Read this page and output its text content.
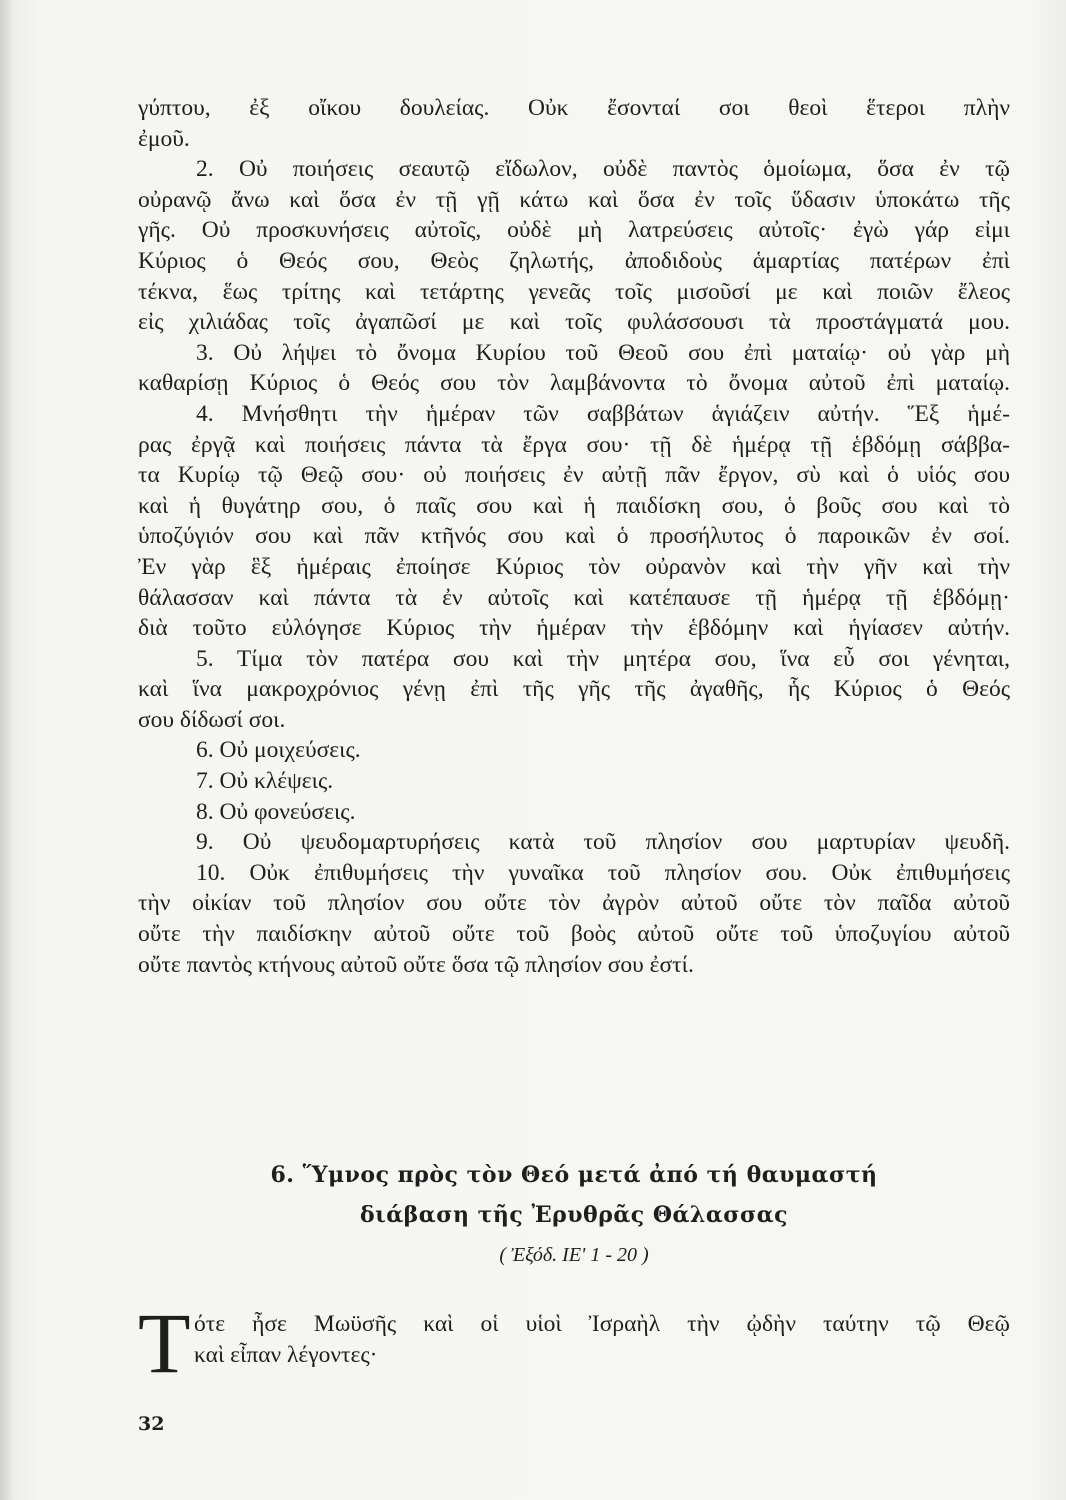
γύπτου, ἐξ οἴκου δουλείας. Οὐκ ἔσονταί σοι θεοὶ ἕτεροι πλὴν
ἐμοῦ.
2. Οὐ ποιήσεις σεαυτῷ εἴδωλον, οὐδὲ παντὸς ὁμοίωμα, ὅσα ἐν τῷ
οὐρανῷ ἄνω καὶ ὅσα ἐν τῇ γῇ κάτω καὶ ὅσα ἐν τοῖς ὕδασιν ὑποκάτω τῆς
γῆς. Οὐ προσκυνήσεις αὐτοῖς, οὐδὲ μὴ λατρεύσεις αὐτοῖς· ἐγὼ γάρ εἰμι
Κύριος ὁ Θεός σου, Θεὸς ζηλωτής, ἀποδιδοὺς ἁμαρτίας πατέρων ἐπὶ
τέκνα, ἕως τρίτης καὶ τετάρτης γενεᾶς τοῖς μισοῦσί με καὶ ποιῶν ἔλεος
εἰς χιλιάδας τοῖς ἀγαπῶσί με καὶ τοῖς φυλάσσουσι τὰ προστάγματά μου.
3. Οὐ λήψει τὸ ὄνομα Κυρίου τοῦ Θεοῦ σου ἐπὶ ματαίῳ· οὐ γὰρ μὴ
καθαρίσῃ Κύριος ὁ Θεός σου τὸν λαμβάνοντα τὸ ὄνομα αὐτοῦ ἐπὶ ματαίῳ.
4. Μνήσθητι τὴν ἡμέραν τῶν σαββάτων ἁγιάζειν αὐτήν. Ἕξ ἡμέ-
ρας ἐργᾷ καὶ ποιήσεις πάντα τὰ ἔργα σου· τῇ δὲ ἡμέρᾳ τῇ ἑβδόμῃ σάββα-
τα Κυρίῳ τῷ Θεῷ σου· οὐ ποιήσεις ἐν αὐτῇ πᾶν ἔργον, σὺ καὶ ὁ υἱός σου
καὶ ἡ θυγάτηρ σου, ὁ παῖς σου καὶ ἡ παιδίσκη σου, ὁ βοῦς σου καὶ τὸ
ὑποζύγιόν σου καὶ πᾶν κτῆνός σου καὶ ὁ προσήλυτος ὁ παροικῶν ἐν σοί.
Ἐν γὰρ ἓξ ἡμέραις ἐποίησε Κύριος τὸν οὐρανὸν καὶ τὴν γῆν καὶ τὴν
θάλασσαν καὶ πάντα τὰ ἐν αὐτοῖς καὶ κατέπαυσε τῇ ἡμέρᾳ τῇ ἑβδόμῃ·
διὰ τοῦτο εὐλόγησε Κύριος τὴν ἡμέραν τὴν ἑβδόμην καὶ ἡγίασεν αὐτήν.
5. Τίμα τὸν πατέρα σου καὶ τὴν μητέρα σου, ἵνα εὖ σοι γένηται,
καὶ ἵνα μακροχρόνιος γένῃ ἐπὶ τῆς γῆς τῆς ἀγαθῆς, ἧς Κύριος ὁ Θεός
σου δίδωσί σοι.
6. Οὐ μοιχεύσεις.
7. Οὐ κλέψεις.
8. Οὐ φονεύσεις.
9. Οὐ ψευδομαρτυρήσεις κατὰ τοῦ πλησίον σου μαρτυρίαν ψευδῆ.
10. Οὐκ ἐπιθυμήσεις τὴν γυναῖκα τοῦ πλησίον σου. Οὐκ ἐπιθυμήσεις
τὴν οἰκίαν τοῦ πλησίον σου οὔτε τὸν ἀγρὸν αὐτοῦ οὔτε τὸν παῖδα αὐτοῦ
οὔτε τὴν παιδίσκην αὐτοῦ οὔτε τοῦ βοὸς αὐτοῦ οὔτε τοῦ ὑποζυγίου αὐτοῦ
οὔτε παντὸς κτήνους αὐτοῦ οὔτε ὅσα τῷ πλησίον σου ἐστί.
6. Ὕμνος πρὸς τὸν Θεό μετά ἀπό τή θαυμαστή
διάβαση τῆς Ἐρυθρᾶς Θάλασσας
( Ἐξόδ. ΙΕ' 1 - 20 )
Τ ότε ἦσε Μωϋσῆς καὶ οἱ υἱοὶ Ἰσραὴλ τὴν ᾠδὴν ταύτην τῷ Θεῷ
καὶ εἶπαν λέγοντες·
32
